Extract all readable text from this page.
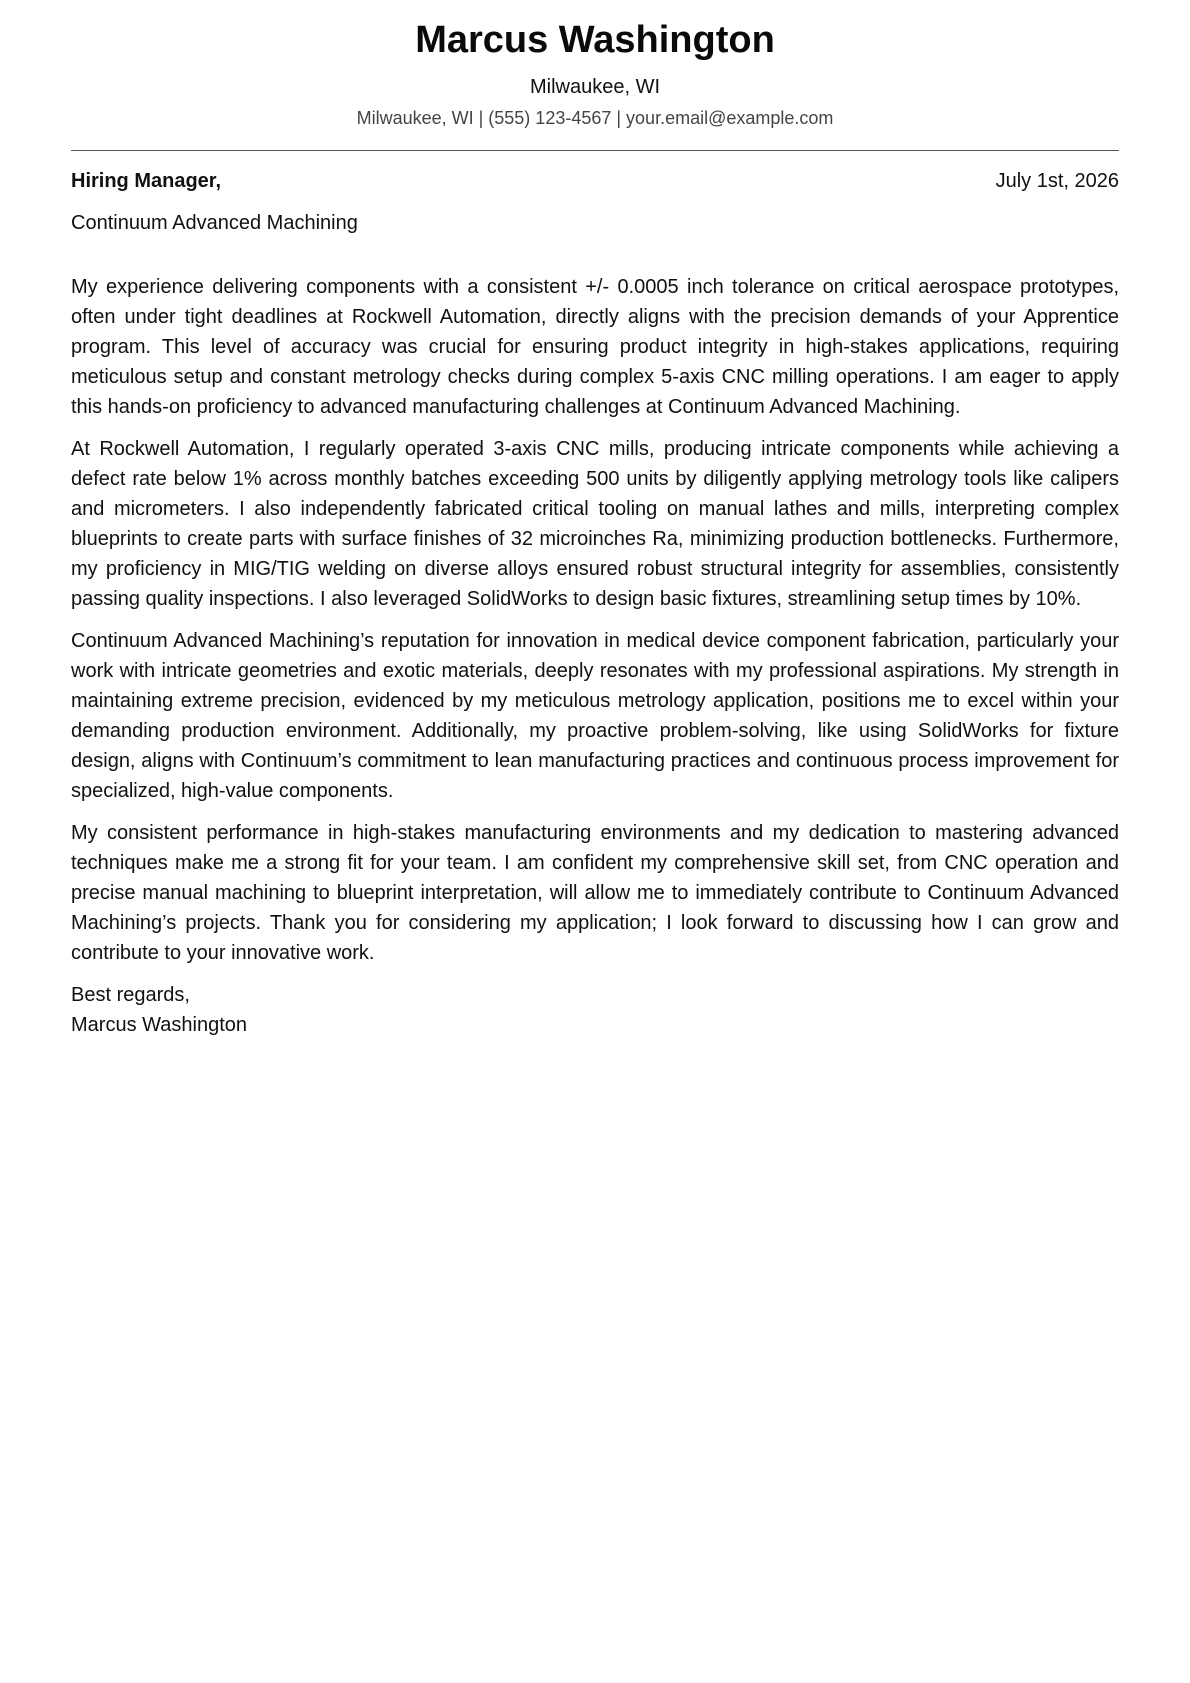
Marcus Washington
Milwaukee, WI
Milwaukee, WI | (555) 123-4567 | your.email@example.com
Hiring Manager,	July 1st, 2026
Continuum Advanced Machining

My experience delivering components with a consistent +/- 0.0005 inch tolerance on critical aerospace prototypes, often under tight deadlines at Rockwell Automation, directly aligns with the precision demands of your Apprentice program. This level of accuracy was crucial for ensuring product integrity in high-stakes applications, requiring meticulous setup and constant metrology checks during complex 5-axis CNC milling operations. I am eager to apply this hands-on proficiency to advanced manufacturing challenges at Continuum Advanced Machining.

At Rockwell Automation, I regularly operated 3-axis CNC mills, producing intricate components while achieving a defect rate below 1% across monthly batches exceeding 500 units by diligently applying metrology tools like calipers and micrometers. I also independently fabricated critical tooling on manual lathes and mills, interpreting complex blueprints to create parts with surface finishes of 32 microinches Ra, minimizing production bottlenecks. Furthermore, my proficiency in MIG/TIG welding on diverse alloys ensured robust structural integrity for assemblies, consistently passing quality inspections. I also leveraged SolidWorks to design basic fixtures, streamlining setup times by 10%.

Continuum Advanced Machining’s reputation for innovation in medical device component fabrication, particularly your work with intricate geometries and exotic materials, deeply resonates with my professional aspirations. My strength in maintaining extreme precision, evidenced by my meticulous metrology application, positions me to excel within your demanding production environment. Additionally, my proactive problem-solving, like using SolidWorks for fixture design, aligns with Continuum’s commitment to lean manufacturing practices and continuous process improvement for specialized, high-value components.

My consistent performance in high-stakes manufacturing environments and my dedication to mastering advanced techniques make me a strong fit for your team. I am confident my comprehensive skill set, from CNC operation and precise manual machining to blueprint interpretation, will allow me to immediately contribute to Continuum Advanced Machining’s projects. Thank you for considering my application; I look forward to discussing how I can grow and contribute to your innovative work.

Best regards,
Marcus Washington
